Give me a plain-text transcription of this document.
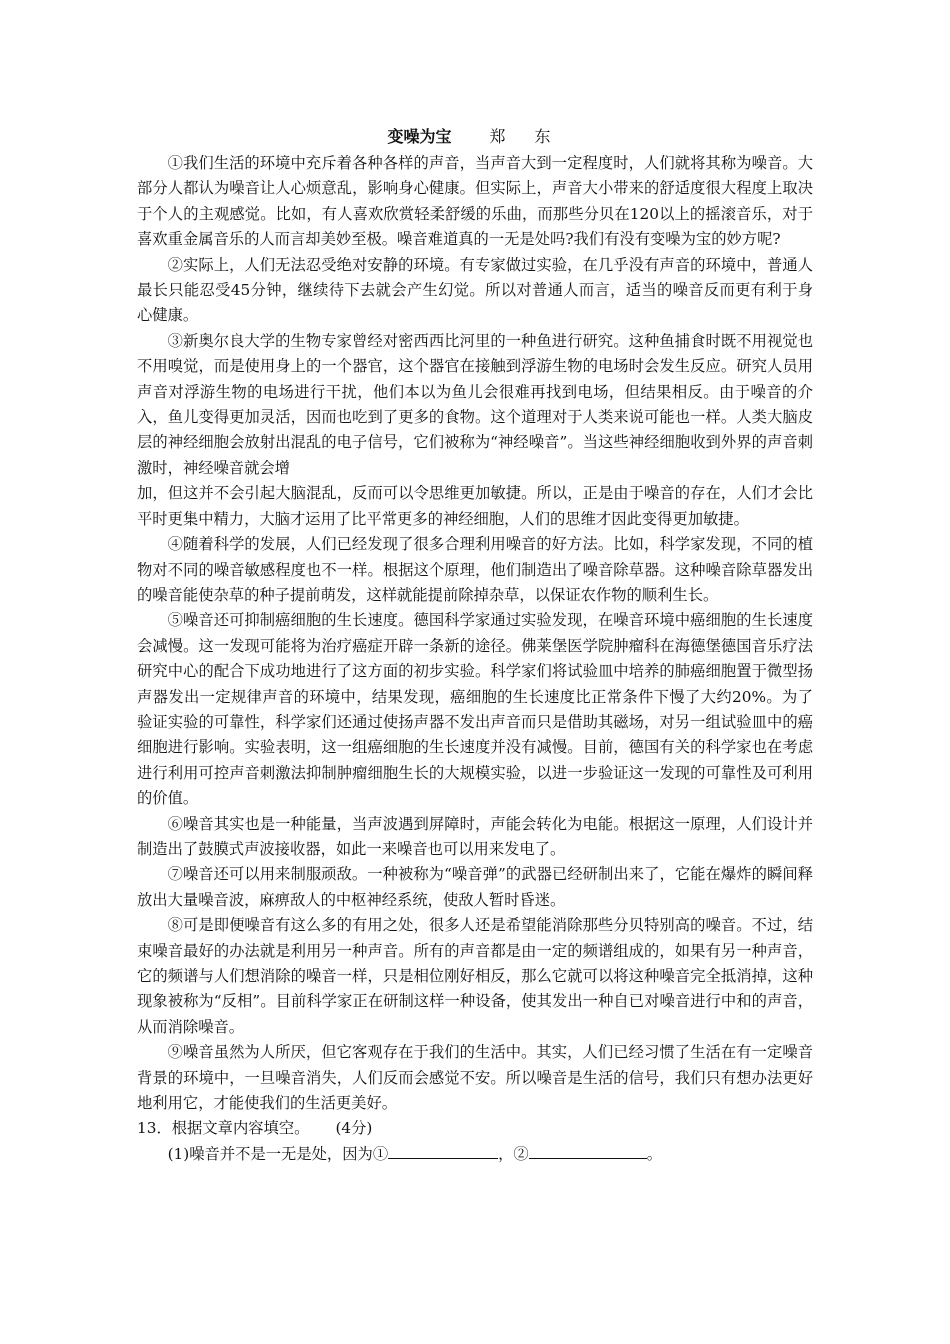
变噪为宝 郑 东

①我们生活的环境中充斥着各种各样的声音，当声音大到一定程度时，人们就将其称为噪音。大部分人都认为噪音让人心烦意乱，影响身心健康。但实际上，声音大小带来的舒适度很大程度上取决于个人的主观感觉。比如，有人喜欢欣赏轻柔舒缓的乐曲，而那些分贝在120以上的摇滚音乐，对于喜欢重金属音乐的人而言却美妙至极。噪音难道真的一无是处吗?我们有没有变噪为宝的妙方呢?

②实际上，人们无法忍受绝对安静的环境。有专家做过实验，在几乎没有声音的环境中，普通人最长只能忍受45分钟，继续待下去就会产生幻觉。所以对普通人而言，适当的噪音反而更有利于身心健康。

③新奥尔良大学的生物专家曾经对密西西比河里的一种鱼进行研究。这种鱼捕食时既不用视觉也不用嗅觉，而是使用身上的一个器官，这个器官在接触到浮游生物的电场时会发生反应。研究人员用声音对浮游生物的电场进行干扰，他们本以为鱼儿会很难再找到电场，但结果相反。由于噪音的介入，鱼儿变得更加灵活，因而也吃到了更多的食物。这个道理对于人类来说可能也一样。人类大脑皮层的神经细胞会放射出混乱的电子信号，它们被称为“神经噪音”。当这些神经细胞收到外界的声音刺激时，神经噪音就会增

加，但这并不会引起大脑混乱，反而可以令思维更加敏捷。所以，正是由于噪音的存在，人们才会比平时更集中精力，大脑才运用了比平常更多的神经细胞，人们的思维才因此变得更加敏捷。

④随着科学的发展，人们已经发现了很多合理利用噪音的好方法。比如，科学家发现，不同的植物对不同的噪音敏感程度也不一样。根据这个原理，他们制造出了噪音除草器。这种噪音除草器发出的噪音能使杂草的种子提前萌发，这样就能提前除掉杂草，以保证农作物的顺利生长。

⑤噪音还可抑制癌细胞的生长速度。德国科学家通过实验发现，在噪音环境中癌细胞的生长速度会减慢。这一发现可能将为治疗癌症开辟一条新的途径。佛莱堡医学院肿瘤科在海德堡德国音乐疗法研究中心的配合下成功地进行了这方面的初步实验。科学家们将试验皿中培养的肺癌细胞置于微型扬声器发出一定规律声音的环境中，结果发现，癌细胞的生长速度比正常条件下慢了大约20%。为了验证实验的可靠性，科学家们还通过使扬声器不发出声音而只是借助其磁场，对另一组试验皿中的癌细胞进行影响。实验表明，这一组癌细胞的生长速度并没有减慢。目前，德国有关的科学家也在考虑进行利用可控声音刺激法抑制肿瘤细胞生长的大规模实验，以进一步验证这一发现的可靠性及可利用的价值。

⑥噪音其实也是一种能量，当声波遇到屏障时，声能会转化为电能。根据这一原理，人们设计并制造出了鼓膜式声波接收器，如此一来噪音也可以用来发电了。

⑦噪音还可以用来制服顽敌。一种被称为“噪音弹”的武器已经研制出来了，它能在爆炸的瞬间释放出大量噪音波，麻痹敌人的中枢神经系统，使敌人暂时昏迷。

⑧可是即便噪音有这么多的有用之处，很多人还是希望能消除那些分贝特别高的噪音。不过，结束噪音最好的办法就是利用另一种声音。所有的声音都是由一定的频谱组成的，如果有另一种声音，它的频谱与人们想消除的噪音一样，只是相位刚好相反，那么它就可以将这种噪音完全抵消掉，这种现象被称为“反相”。目前科学家正在研制这样一种设备，使其发出一种自已对噪音进行中和的声音，从而消除噪音。

⑨噪音虽然为人所厌，但它客观存在于我们的生活中。其实，人们已经习惯了生活在有一定噪音背景的环境中，一旦噪音消失，人们反而会感觉不安。所以噪音是生活的信号，我们只有想办法更好地利用它，才能使我们的生活更美好。

13．根据文章内容填空。 (4分)

(1)噪音并不是一无是处，因为①	，②	。
